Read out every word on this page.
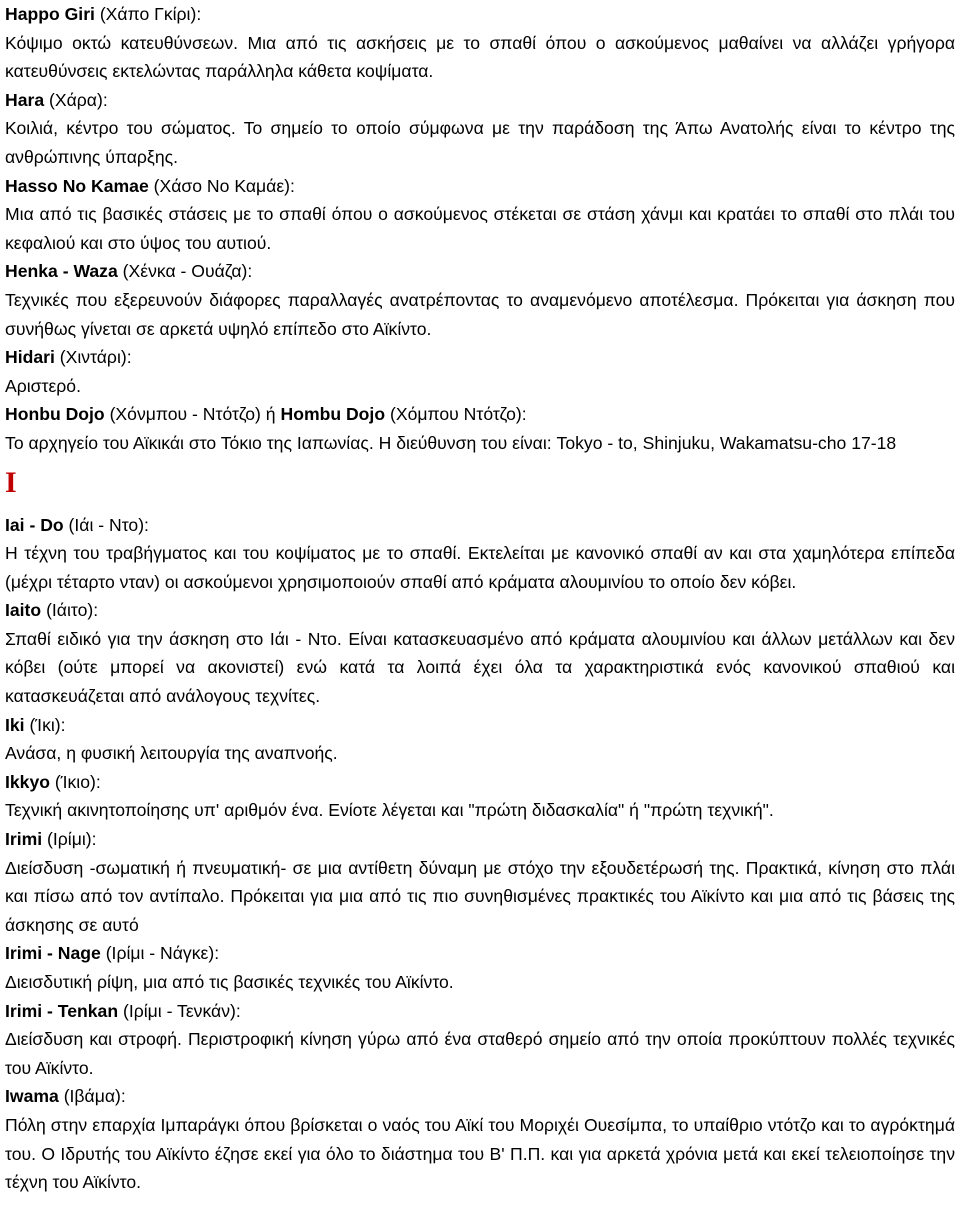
Happo Giri (Χάπο Γκίρι):

Κόψιμο οκτώ κατευθύνσεων. Μια από τις ασκήσεις με το σπαθί όπου ο ασκούμενος μαθαίνει να αλλάζει γρήγορα κατευθύνσεις εκτελώντας παράλληλα κάθετα κοψίματα.

Hara (Χάρα):

Κοιλιά, κέντρο του σώματος. Το σημείο το οποίο σύμφωνα με την παράδοση της Άπω Ανατολής είναι το κέντρο της ανθρώπινης ύπαρξης.

Hasso No Kamae (Χάσο Νο Καμάε):

Μια από τις βασικές στάσεις με το σπαθί όπου ο ασκούμενος στέκεται σε στάση χάνμι και κρατάει το σπαθί στο πλάι του κεφαλιού και στο ύψος του αυτιού.

Henka - Waza (Χένκα - Ουάζα):

Τεχνικές που εξερευνούν διάφορες παραλλαγές ανατρέποντας το αναμενόμενο αποτέλεσμα. Πρόκειται για άσκηση που συνήθως γίνεται σε αρκετά υψηλό επίπεδο στο Αϊκίντο.

Hidari (Χιντάρι):

Αριστερό.

Honbu Dojo (Χόνμπου - Ντότζο) ή Hombu Dojo (Χόμπου Ντότζο):

Το αρχηγείο του Αϊκικάι στο Τόκιο της Ιαπωνίας. Η διεύθυνση του είναι: Tokyo - to, Shinjuku, Wakamatsu-cho 17-18

I

Iai - Do (Ιάι - Ντο):

Η τέχνη του τραβήγματος και του κοψίματος με το σπαθί. Εκτελείται με κανονικό σπαθί αν και στα χαμηλότερα επίπεδα (μέχρι τέταρτο νταν) οι ασκούμενοι χρησιμοποιούν σπαθί από κράματα αλουμινίου το οποίο δεν κόβει.

Iaito (Ιάιτο):

Σπαθί ειδικό για την άσκηση στο Ιάι - Ντο. Είναι κατασκευασμένο από κράματα αλουμινίου και άλλων μετάλλων και δεν κόβει (ούτε μπορεί να ακονιστεί) ενώ κατά τα λοιπά έχει όλα τα χαρακτηριστικά ενός κανονικού σπαθιού και κατασκευάζεται από ανάλογους τεχνίτες.

Iki (Ίκι):

Ανάσα, η φυσική λειτουργία της αναπνοής.

Ikkyo (Ίκιο):

Τεχνική ακινητοποίησης υπ' αριθμόν ένα. Ενίοτε λέγεται και "πρώτη διδασκαλία" ή "πρώτη τεχνική".

Irimi (Ιρίμι):

Διείσδυση -σωματική ή πνευματική- σε μια αντίθετη δύναμη με στόχο την εξουδετέρωσή της. Πρακτικά, κίνηση στο πλάι και πίσω από τον αντίπαλο. Πρόκειται για μια από τις πιο συνηθισμένες πρακτικές του Αϊκίντο και μια από τις βάσεις της άσκησης σε αυτό

Irimi - Nage (Ιρίμι - Νάγκε):

Διεισδυτική ρίψη, μια από τις βασικές τεχνικές του Αϊκίντο.

Irimi - Tenkan (Ιρίμι - Τενκάν):

Διείσδυση και στροφή. Περιστροφική κίνηση γύρω από ένα σταθερό σημείο από την οποία προκύπτουν πολλές τεχνικές του Αϊκίντο.

Iwama (Ιβάμα):

Πόλη στην επαρχία Ιμπαράγκι όπου βρίσκεται ο ναός του Αϊκί του Μοριχέι Ουεσίμπα, το υπαίθριο ντότζο και το αγρόκτημά του. Ο Ιδρυτής του Αϊκίντο έζησε εκεί για όλο το διάστημα του Β' Π.Π. και για αρκετά χρόνια μετά και εκεί τελειοποίησε την τέχνη του Αϊκίντο.
